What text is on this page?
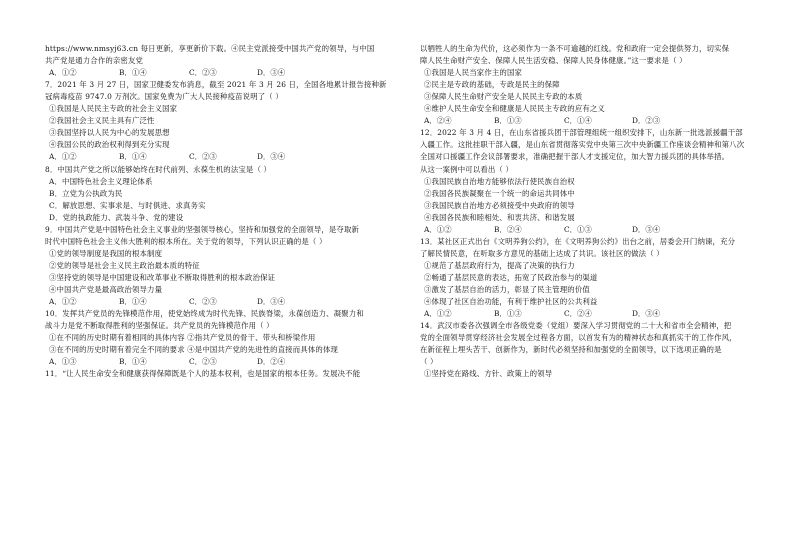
https://www.nmsyj63.cn 每日更新，享更新价下载。④民主党派接受中国共产党的领导，与中国
共产党是通力合作的亲密友党
A．①②	B．①④	C．②③	D．③④
7．2021 年 3 月 27 日，国家卫健委发布消息，截至 2021 年 3 月 26 日，全国各地累计报告接种新
冠病毒疫苗 9747.0 万剂次。国家免费为广大人民接种疫苗说明了（ ）
①我国是人民民主专政的社会主义国家
②我国社会主义民主具有广泛性
③我国坚持以人民为中心的发展思想
④我国公民的政治权利得到充分实现
A．①②	B．①④	C．②③	D．③④
8．中国共产党之所以能够始终在时代前列、永葆生机的法宝是（ ）
A．中国特色社会主义理论体系
B．立党为公执政为民
C．解放思想、实事求是、与时俱进、求真务实
D．党的执政能力、武装斗争、党的建设
9．中国共产党是中国特色社会主义事业的坚强领导核心，坚持和加强党的全面领导，是夺取新
时代中国特色社会主义伟大胜利的根本所在。关于党的领导，下列认识正确的是（ ）
①党的领导制度是我国的根本制度
②党的领导是社会主义民主政治最本质的特征
③坚持党的领导是中国建设和改革事业不断取得胜利的根本政治保证
④中国共产党是最高政治领导力量
A．①②	B．①④	C．②③	D．③④
10．发挥共产党员的先锋模范作用，使党始终成为时代先锋、民族脊梁，永葆创造力、凝聚力和
战斗力是党不断取得胜利的坚强保证。共产党员的先锋模范作用（ ）
①在不同的历史时期有着相同的具体内容 ②指共产党员的骨干、带头和桥梁作用
③在不同的历史时期有着完全不同的要求 ④是中国共产党的先进性的直接而具体的体现
A．①③	B．①④	C．②③	D．②④
11．“让人民生命安全和健康获得保障既是个人的基本权利，也是国家的根本任务。发展决不能
以牺牲人的生命为代价，这必须作为一条不可逾越的红线。党和政府一定会提供努力，切实保
障人民生命财产安全、保障人民生活安稳、保障人民身体健康。”这一要求是（ ）
①我国是人民当家作主的国家
②民主是专政的基础，专政是民主的保障
③保障人民生命财产安全是人民民主专政的本质
④维护人民生命安全和健康是人民民主专政的应有之义
A．②④	B．①③	C．①④	D．②③
12．2022 年 3 月 4 日，在山东省援兵团干部管理组统一组织安排下，山东新一批选派援疆干部
入疆工作。这批挂职干部入疆，是山东省贯彻落实党中央第三次中央新疆工作座谈会精神和第八次
全国对口援疆工作会议部署要求，准确把握干部人才支援定位，加大智力援兵团的具体举措。
从这一案例中可以看出（ ）
①我国民族自治地方能够依法行使民族自治权
②我国各民族凝聚在一个统一的命运共同体中
③我国民族自治地方必须接受中央政府的领导
④我国各民族和睦相处、和衷共济、和谐发展
A．①②	B．②④	C．①③	D．③④
13．某社区正式出台《文明养狗公约》，在《文明养狗公约》出台之前，居委会开门纳谏，充分
了解民情民意，在听取多方意见的基础上达成了共识。该社区的做法（ ）
①规范了基层政府行为，提高了决策的执行力
②畅通了基层民意的表达，拓宽了民政治参与的渠道
③激发了基层自治的活力，彰显了民主管理的价值
④体现了社区自治功能，有利于维护社区的公共利益
A．①②	B．①③	C．②④	D．③④
14．武汉市委各次强调全市各级党委（党组）要深入学习贯彻党的二十大和省市全会精神，把
党的全面领导贯穿经济社会发展全过程各方面，以首发有为的精神状态和真抓实干的工作作风，
在新征程上埋头苦干、创新作为，新时代必须坚持和加强党的全面领导，以下选项正确的是
（ ）
①坚持党在路线、方针、政策上的领导
